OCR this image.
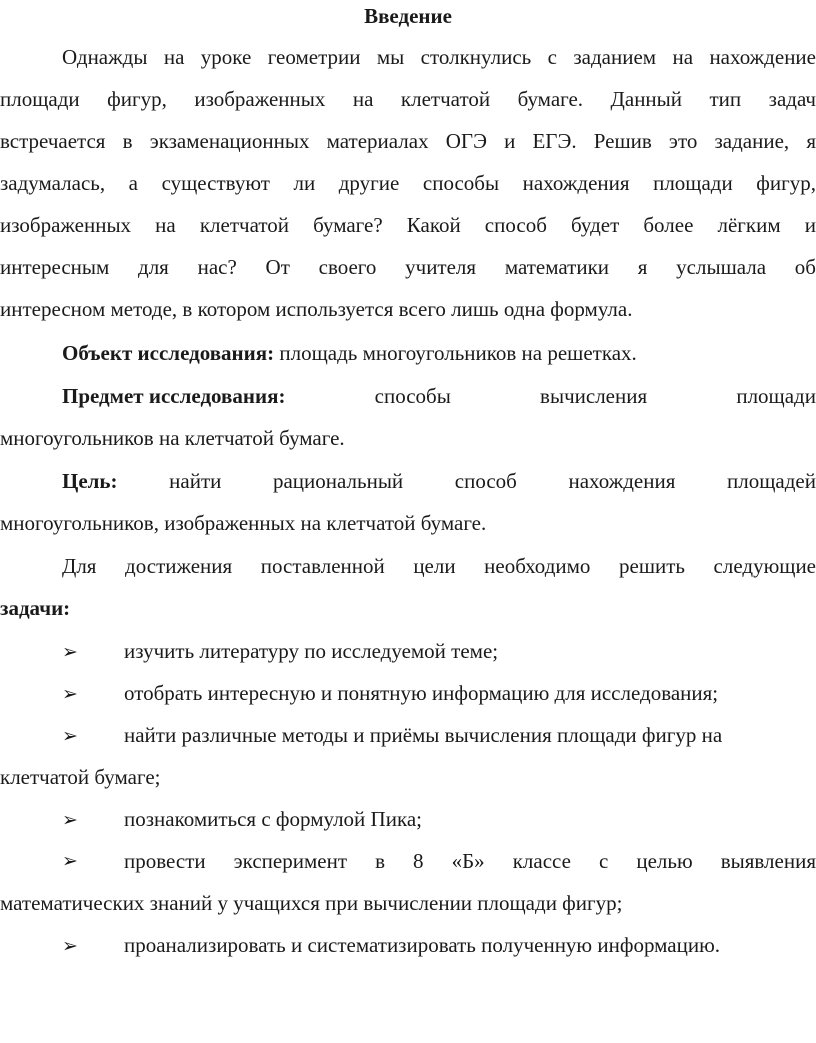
Введение
Однажды на уроке геометрии мы столкнулись с заданием на нахождение
площади фигур, изображенных на клетчатой бумаге. Данный тип задач
встречается в экзаменационных материалах ОГЭ и ЕГЭ. Решив это задание, я
задумалась, а существуют ли другие способы нахождения площади фигур,
изображенных на клетчатой бумаге? Какой способ будет более лёгким и
интересным для нас? От своего учителя математики я услышала об
интересном методе, в котором используется всего лишь одна формула.
Объект исследования: площадь многоугольников на решетках.
Предмет исследования:	способы	вычисления	площади
многоугольников на клетчатой бумаге.
Цель: найти рациональный способ нахождения площадей
многоугольников, изображенных на клетчатой бумаге.
Для достижения поставленной цели необходимо решить следующие
задачи:
➢ изучить литературу по исследуемой теме;
➢ отобрать интересную и понятную информацию для исследования;
➢ найти различные методы и приёмы вычисления площади фигур на
клетчатой бумаге;
➢ познакомиться с формулой Пика;
➢	провести эксперимент в 8 «Б» классе с целью выявления
математических знаний у учащихся при вычислении площади фигур;
➢ проанализировать и систематизировать полученную информацию.
